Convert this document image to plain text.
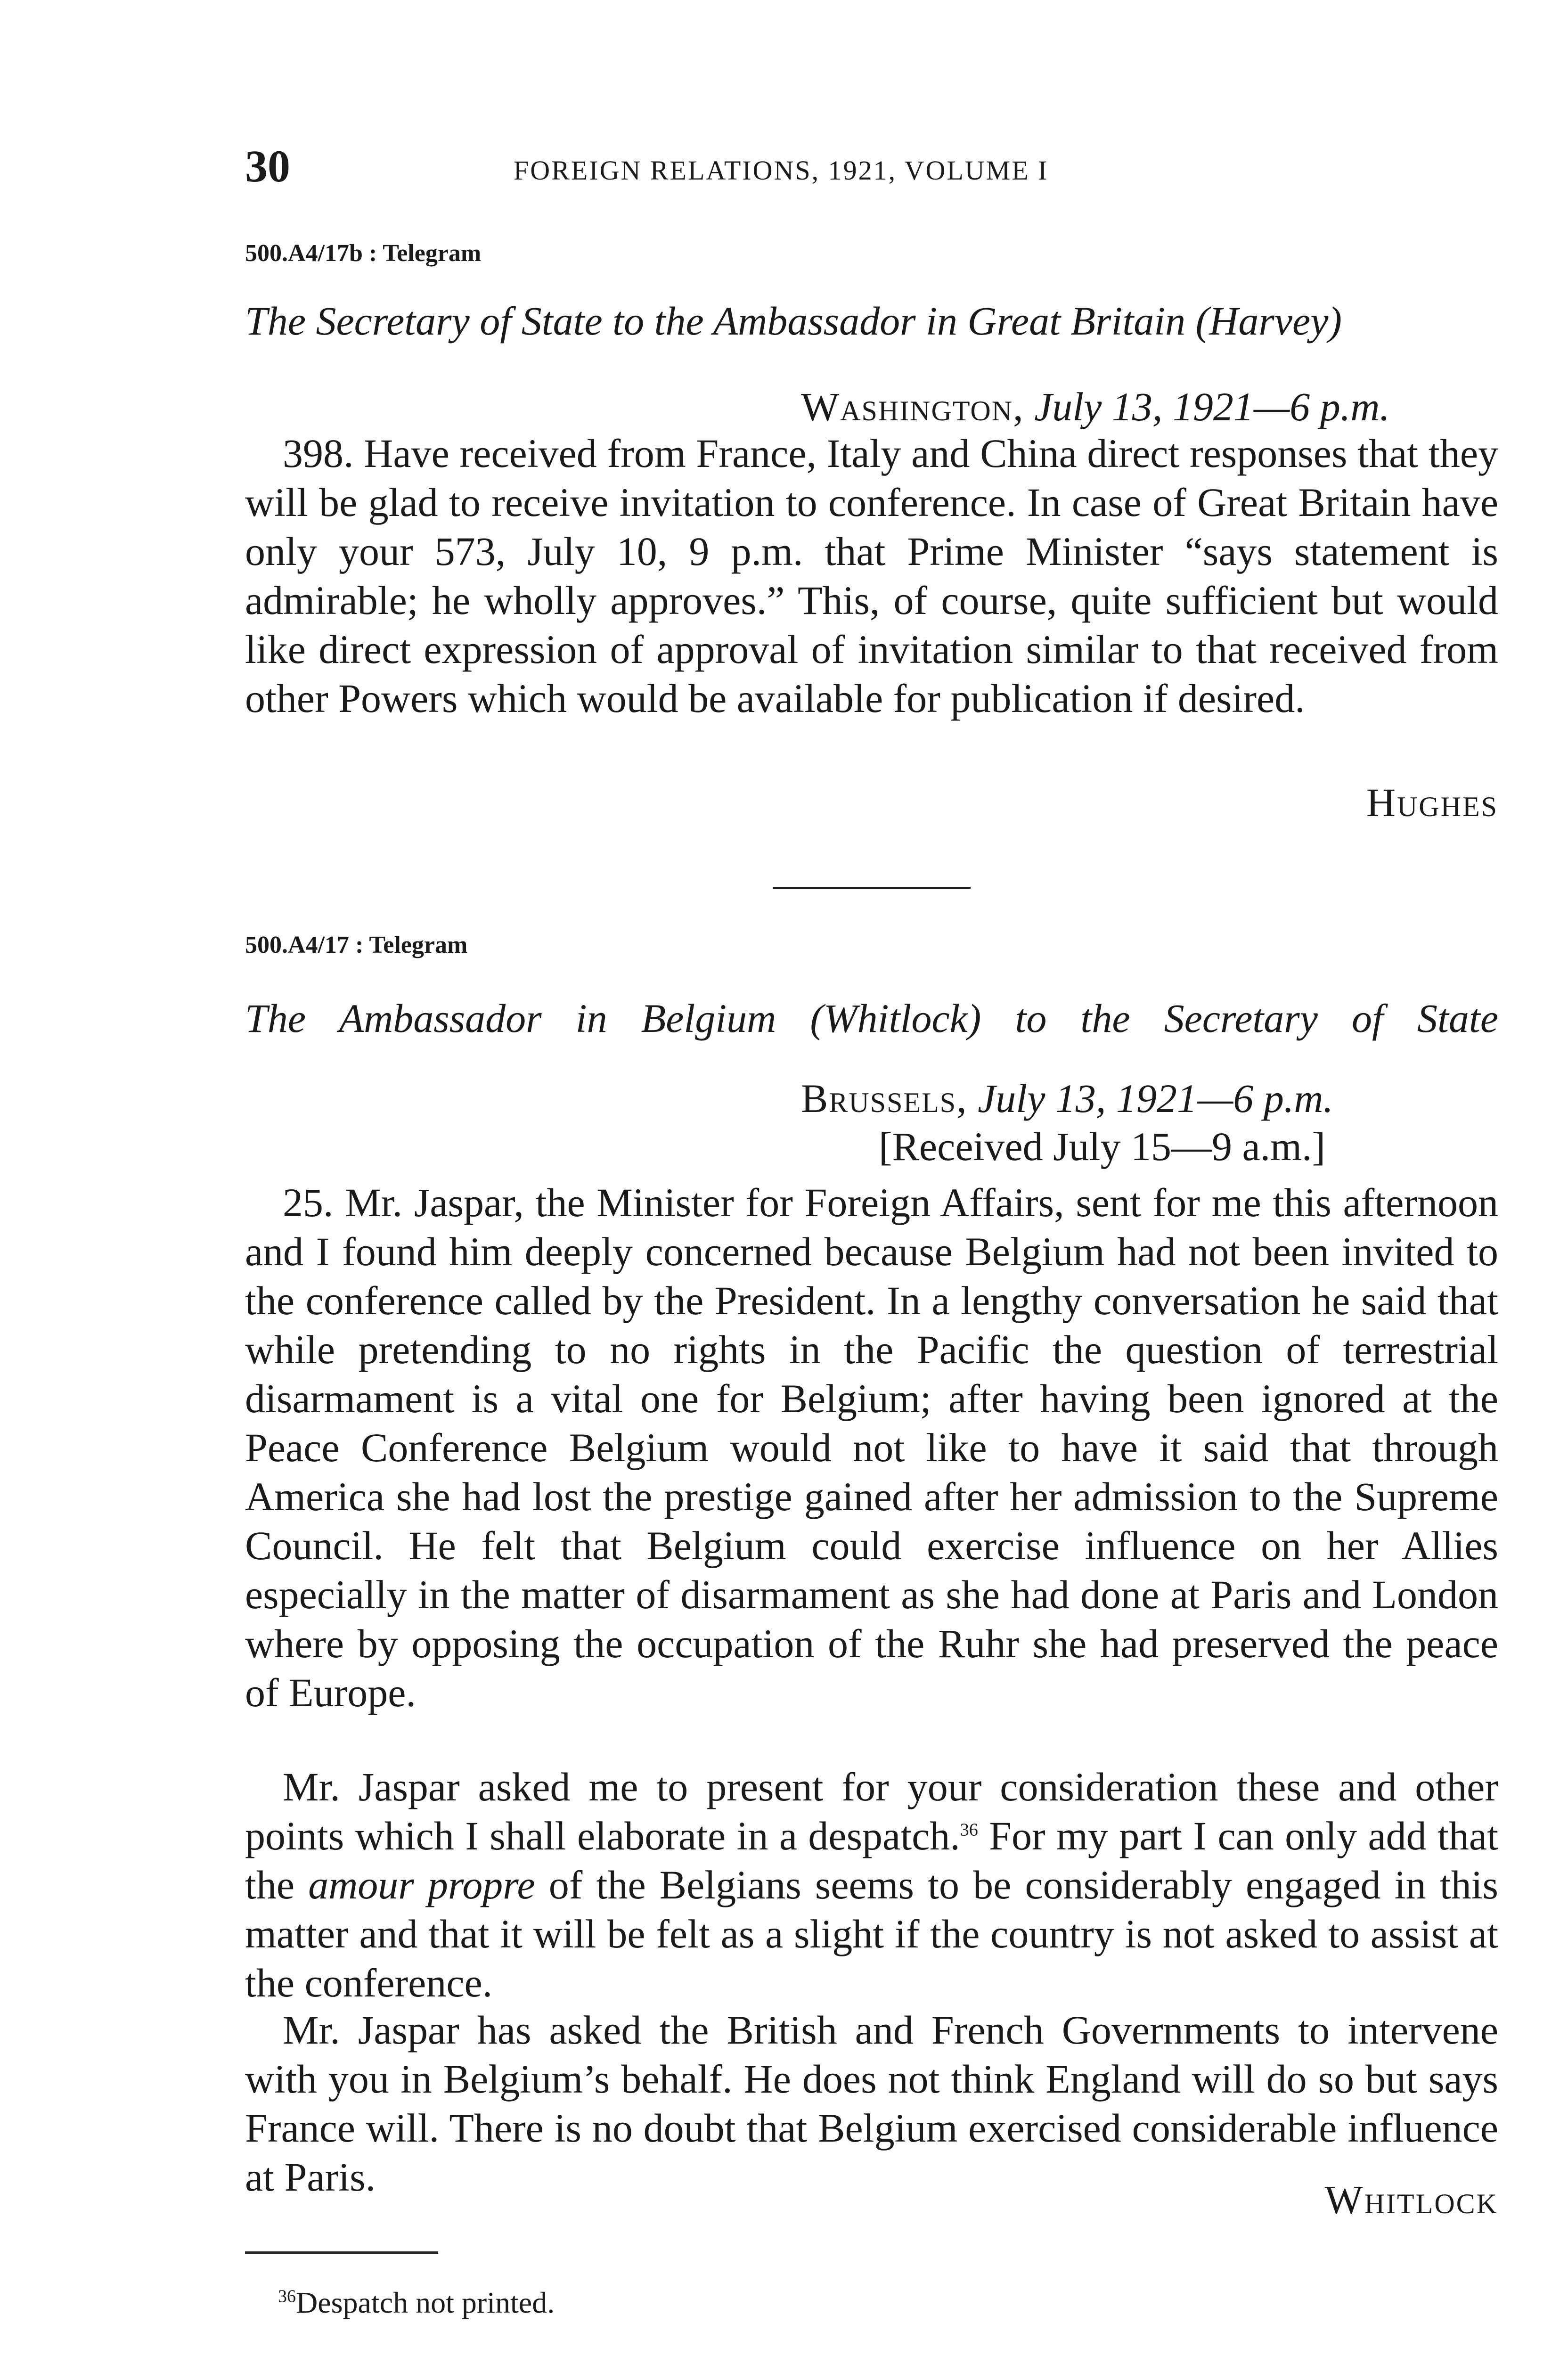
30	FOREIGN RELATIONS, 1921, VOLUME I
500.A4/17b : Telegram
The Secretary of State to the Ambassador in Great Britain (Harvey)
Washington, July 13, 1921—6 p.m.

398. Have received from France, Italy and China direct responses that they will be glad to receive invitation to conference. In case of Great Britain have only your 573, July 10, 9 p.m. that Prime Minister “says statement is admirable; he wholly approves.” This, of course, quite sufficient but would like direct expression of approval of invitation similar to that received from other Powers which would be available for publication if desired.

Hughes
500.A4/17 : Telegram
The Ambassador in Belgium (Whitlock) to the Secretary of State
Brussels, July 13, 1921—6 p.m.
[Received July 15—9 a.m.]

25. Mr. Jaspar, the Minister for Foreign Affairs, sent for me this afternoon and I found him deeply concerned because Belgium had not been invited to the conference called by the President. In a lengthy conversation he said that while pretending to no rights in the Pacific the question of terrestrial disarmament is a vital one for Belgium; after having been ignored at the Peace Conference Belgium would not like to have it said that through America she had lost the prestige gained after her admission to the Supreme Council. He felt that Belgium could exercise influence on her Allies especially in the matter of disarmament as she had done at Paris and London where by opposing the occupation of the Ruhr she had preserved the peace of Europe.

Mr. Jaspar asked me to present for your consideration these and other points which I shall elaborate in a despatch.$^{36}$ For my part I can only add that the amour propre of the Belgians seems to be considerably engaged in this matter and that it will be felt as a slight if the country is not asked to assist at the conference.

Mr. Jaspar has asked the British and French Governments to intervene with you in Belgium’s behalf. He does not think England will do so but says France will. There is no doubt that Belgium exercised considerable influence at Paris.	Whitlock
$^{36}$Despatch not printed.
